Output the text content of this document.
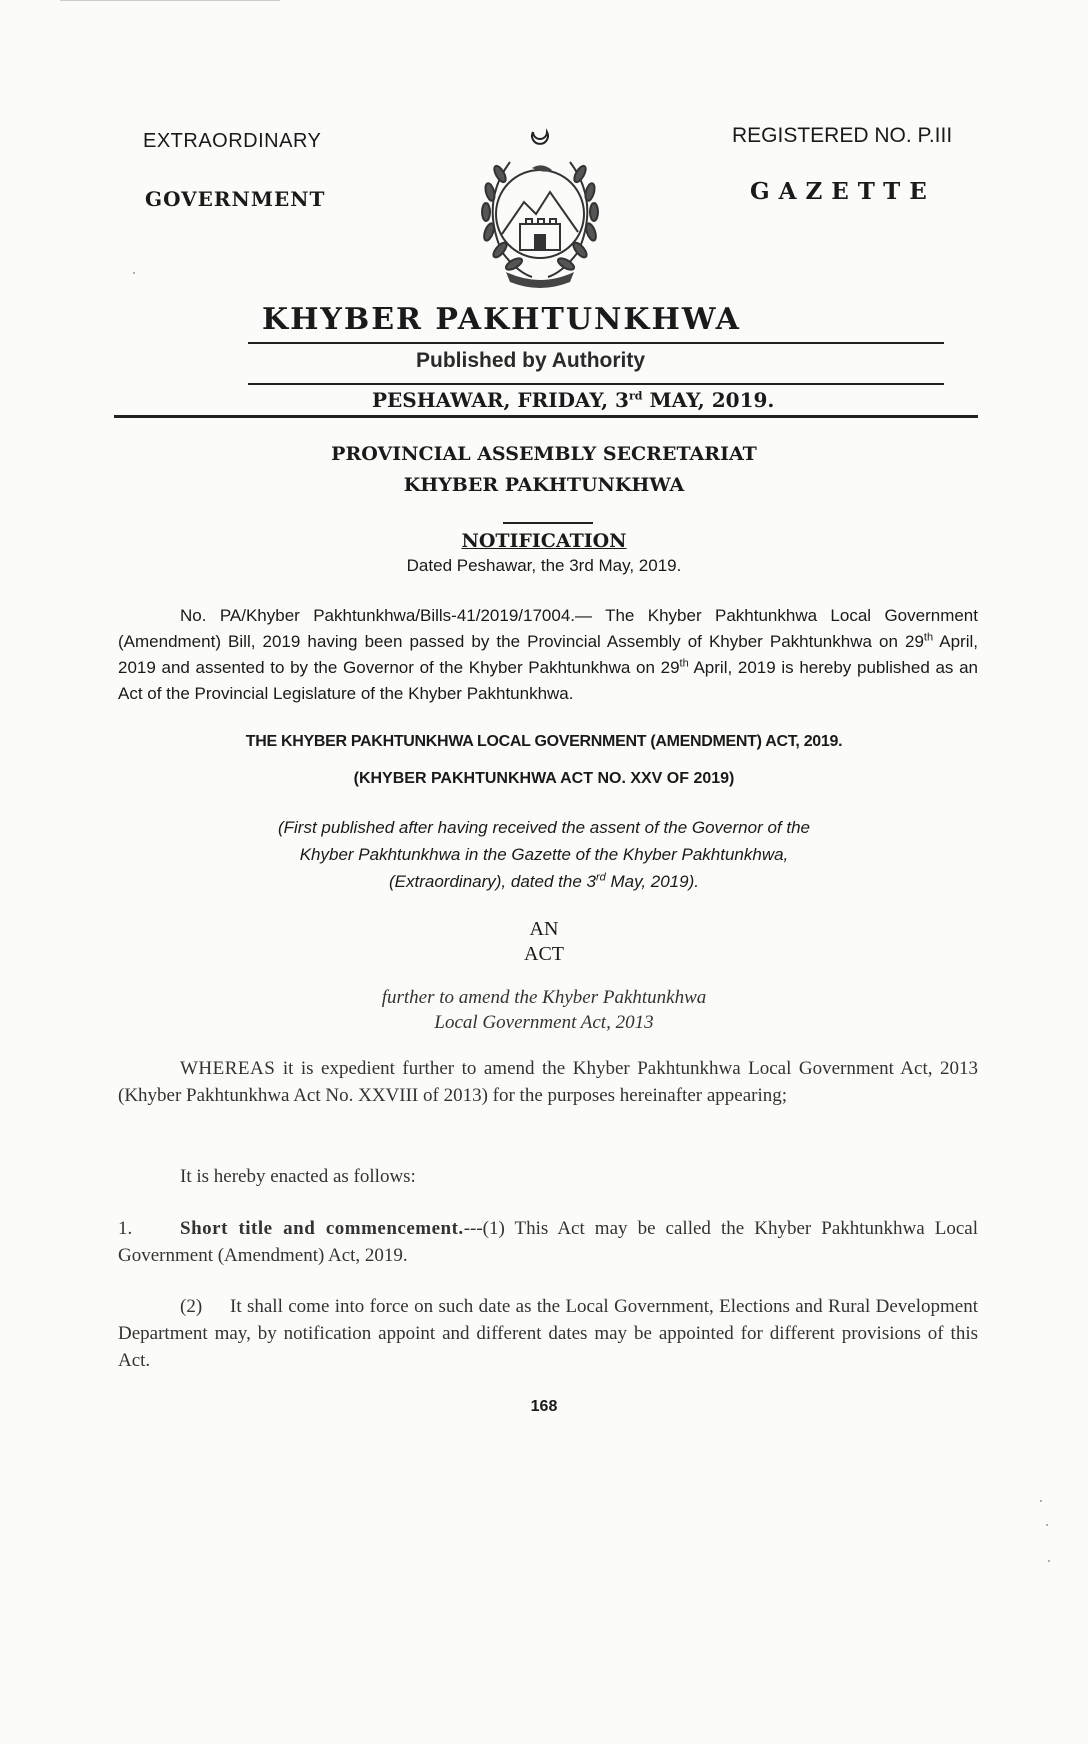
EXTRAORDINARY
GOVERNMENT
REGISTERED NO. P.III
GAZETTE
KHYBER PAKHTUNKHWA
Published by Authority
PESHAWAR, FRIDAY, 3rd MAY, 2019.
PROVINCIAL ASSEMBLY SECRETARIAT
KHYBER PAKHTUNKHWA
NOTIFICATION
Dated Peshawar, the 3rd May, 2019.
No. PA/Khyber Pakhtunkhwa/Bills-41/2019/17004.— The Khyber Pakhtunkhwa Local Government (Amendment) Bill, 2019 having been passed by the Provincial Assembly of Khyber Pakhtunkhwa on 29th April, 2019 and assented to by the Governor of the Khyber Pakhtunkhwa on 29th April, 2019 is hereby published as an Act of the Provincial Legislature of the Khyber Pakhtunkhwa.
THE KHYBER PAKHTUNKHWA LOCAL GOVERNMENT (AMENDMENT) ACT, 2019.
(KHYBER PAKHTUNKHWA ACT NO. XXV OF 2019)
(First published after having received the assent of the Governor of the
Khyber Pakhtunkhwa in the Gazette of the Khyber Pakhtunkhwa,
(Extraordinary), dated the 3rd May, 2019).
AN
ACT
further to amend the Khyber Pakhtunkhwa
Local Government Act, 2013
WHEREAS it is expedient further to amend the Khyber Pakhtunkhwa Local Government Act, 2013 (Khyber Pakhtunkhwa Act No. XXVIII of 2013) for the purposes hereinafter appearing;
It is hereby enacted as follows:
1.	Short title and commencement.---(1) This Act may be called the Khyber Pakhtunkhwa Local Government (Amendment) Act, 2019.
(2) It shall come into force on such date as the Local Government, Elections and Rural Development Department may, by notification appoint and different dates may be appointed for different provisions of this Act.
168
